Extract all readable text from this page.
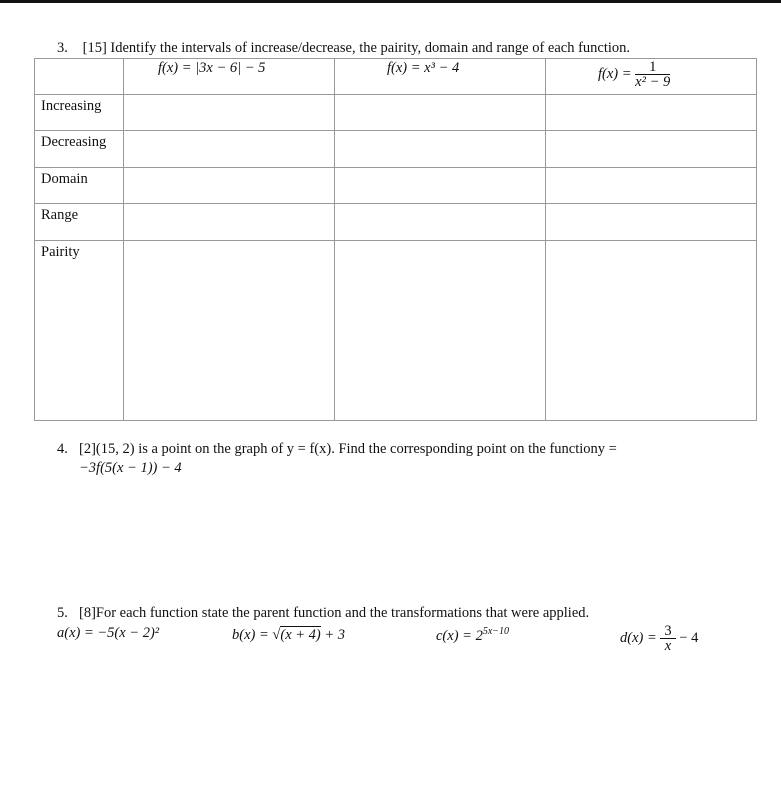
3. [15] Identify the intervals of increase/decrease, the pairity, domain and range of each function.

	f(x) = |3x − 6| − 5	f(x) = x³ − 4	$f(x) = \frac{1}{\text{x² − 9}}$

Increasing			
Decreasing			
Domain			
Range			
Pairity			
4. [2](15, 2) is a point on the graph of y = f(x). Find the corresponding point on the functiony =
−3f(5(x − 1)) − 4
5. [8]For each function state the parent function and the transformations that were applied.
a(x) = −5(x − 2)²	b(x) = √(x + 4) + 3	$c(x) = 2^{5x-10}$	$d(x) = \frac{3}{x} - 4$
